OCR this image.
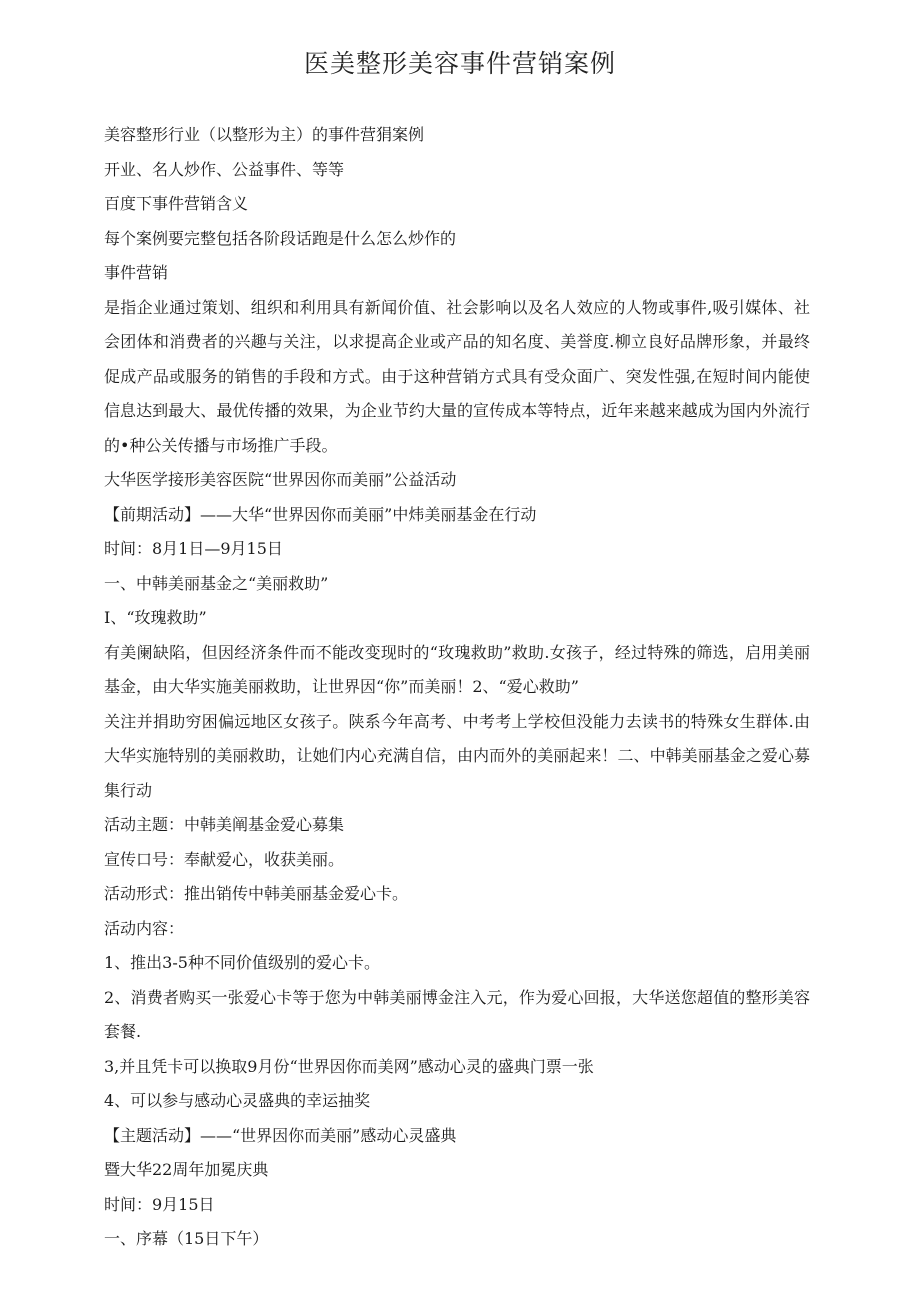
医美整形美容事件营销案例
美容整形行业（以整形为主）的事件营狷案例
开业、名人炒作、公益事件、等等
百度下事件营销含义
每个案例要完整包括各阶段话跑是什么怎么炒作的
事件营销
是指企业通过策划、组织和利用具有新闻价值、社会影响以及名人效应的人物或事件,吸引媒体、社会团体和消费者的兴趣与关注，以求提高企业或产品的知名度、美誉度.柳立良好品牌形象，并最终促成产品或服务的销售的手段和方式。由于这种营销方式具有受众面广、突发性强,在短时间内能使信息达到最大、最优传播的效果，为企业节约大量的宣传成本等特点，近年来越来越成为国内外流行的•种公关传播与市场推广手段。
大华医学接形美容医院“世界因你而美丽”公益活动
【前期活动】——大华“世界因你而美丽”中炜美丽基金在行动
时间：8月1日—9月15日
一、中韩美丽基金之“美丽救助”
I、“玫瑰救助”
有美阑缺陷，但因经济条件而不能改变现时的“玫瑰救助”救助.女孩子，经过特殊的筛选，启用美丽基金，由大华实施美丽救助，让世界因“你”而美丽！2、“爱心救助”
关注并捐助穷困偏远地区女孩子。陕系今年高考、中考考上学校但没能力去读书的特殊女生群体.由大华实施特别的美丽救助，让她们内心充满自信，由内而外的美丽起来！二、中韩美丽基金之爱心募集行动
活动主题：中韩美阐基金爱心募集
宣传口号：奉献爱心，收获美丽。
活动形式：推出销传中韩美丽基金爱心卡。
活动内容：
1、推出3-5种不同价值级别的爱心卡。
2、消费者购买一张爱心卡等于您为中韩美丽博金注入元，作为爱心回报，大华送您超值的整形美容套餐.
3,并且凭卡可以换取9月份“世界因你而美网”感动心灵的盛典门票一张
4、可以参与感动心灵盛典的幸运抽奖
【主题活动】——“世界因你而美丽”感动心灵盛典
暨大华22周年加冕庆典
时间：9月15日
一、序幕（15日下午）
